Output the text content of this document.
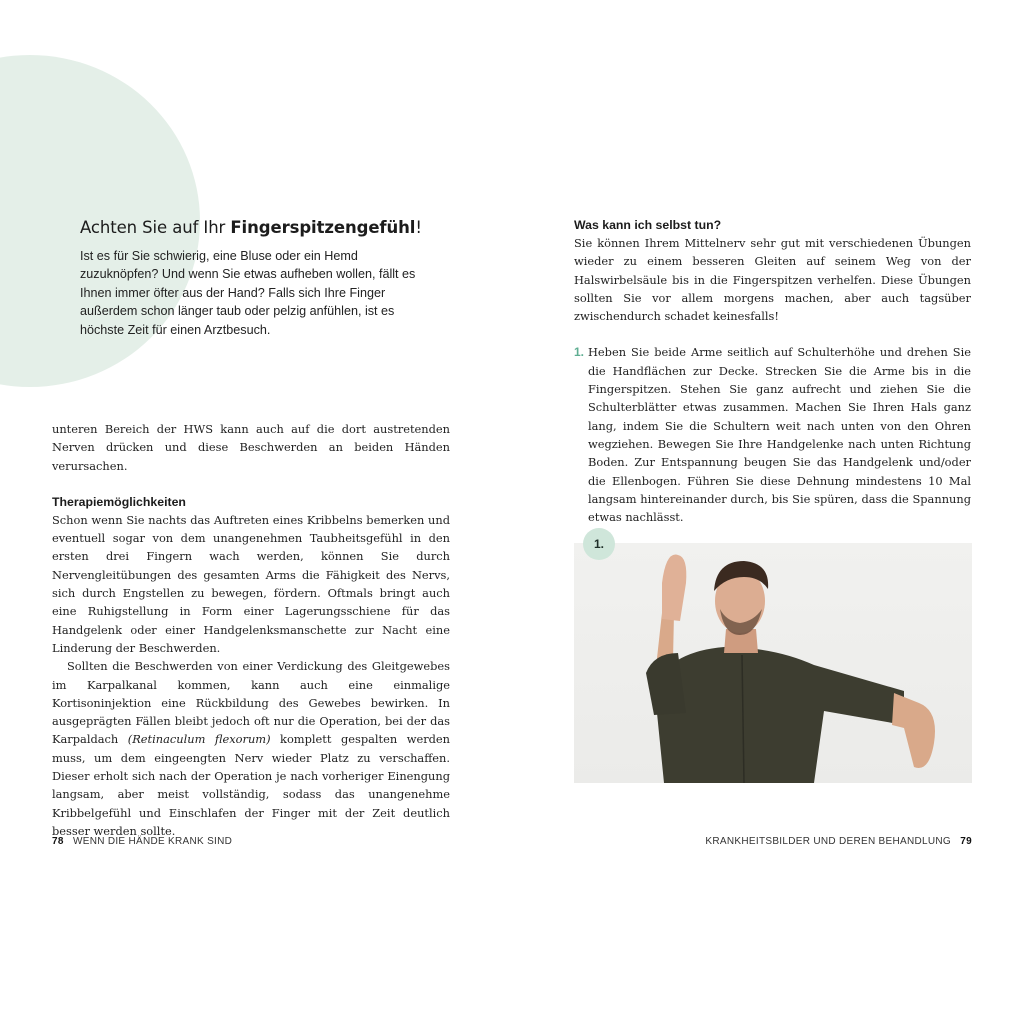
Achten Sie auf Ihr Fingerspitzengefühl!

Ist es für Sie schwierig, eine Bluse oder ein Hemd zuzuknöpfen? Und wenn Sie etwas aufheben wollen, fällt es Ihnen immer öfter aus der Hand? Falls sich Ihre Finger außerdem schon länger taub oder pelzig anfühlen, ist es höchste Zeit für einen Arztbesuch.

unteren Bereich der HWS kann auch auf die dort austretenden Nerven drücken und diese Beschwerden an beiden Händen verursachen.

Therapiemöglichkeiten

Schon wenn Sie nachts das Auftreten eines Kribbelns bemerken und eventuell sogar von dem unangenehmen Taubheitsgefühl in den ersten drei Fingern wach werden, können Sie durch Nervengleitübungen des gesamten Arms die Fähigkeit des Nervs, sich durch Engstellen zu bewegen, fördern. Oftmals bringt auch eine Ruhigstellung in Form einer Lagerungsschiene für das Handgelenk oder einer Handgelenksmanschette zur Nacht eine Linderung der Beschwerden.

Sollten die Beschwerden von einer Verdickung des Gleitgewebes im Karpalkanal kommen, kann auch eine einmalige Kortisoninjektion eine Rückbildung des Gewebes bewirken. In ausgeprägten Fällen bleibt jedoch oft nur die Operation, bei der das Karpaldach (Retinaculum flexorum) komplett gespalten werden muss, um dem eingeengten Nerv wieder Platz zu verschaffen. Dieser erholt sich nach der Operation je nach vorheriger Einengung langsam, aber meist vollständig, sodass das unangenehme Kribbelgefühl und Einschlafen der Finger mit der Zeit deutlich besser werden sollte.

Was kann ich selbst tun?

Sie können Ihrem Mittelnerv sehr gut mit verschiedenen Übungen wieder zu einem besseren Gleiten auf seinem Weg von der Halswirbelsäule bis in die Fingerspitzen verhelfen. Diese Übungen sollten Sie vor allem morgens machen, aber auch tagsüber zwischendurch schadet keinesfalls!

1. Heben Sie beide Arme seitlich auf Schulterhöhe und drehen Sie die Handflächen zur Decke. Strecken Sie die Arme bis in die Fingerspitzen. Stehen Sie ganz aufrecht und ziehen Sie die Schulterblätter etwas zusammen. Machen Sie Ihren Hals ganz lang, indem Sie die Schultern weit nach unten von den Ohren wegziehen. Bewegen Sie Ihre Handgelenke nach unten Richtung Boden. Zur Entspannung beugen Sie das Handgelenk und/oder die Ellenbogen. Führen Sie diese Dehnung mindestens 10 Mal langsam hintereinander durch, bis Sie spüren, dass die Spannung etwas nachlässt.

1.
78 WENN DIE HÄNDE KRANK SIND	KRANKHEITSBILDER UND DEREN BEHANDLUNG 79
